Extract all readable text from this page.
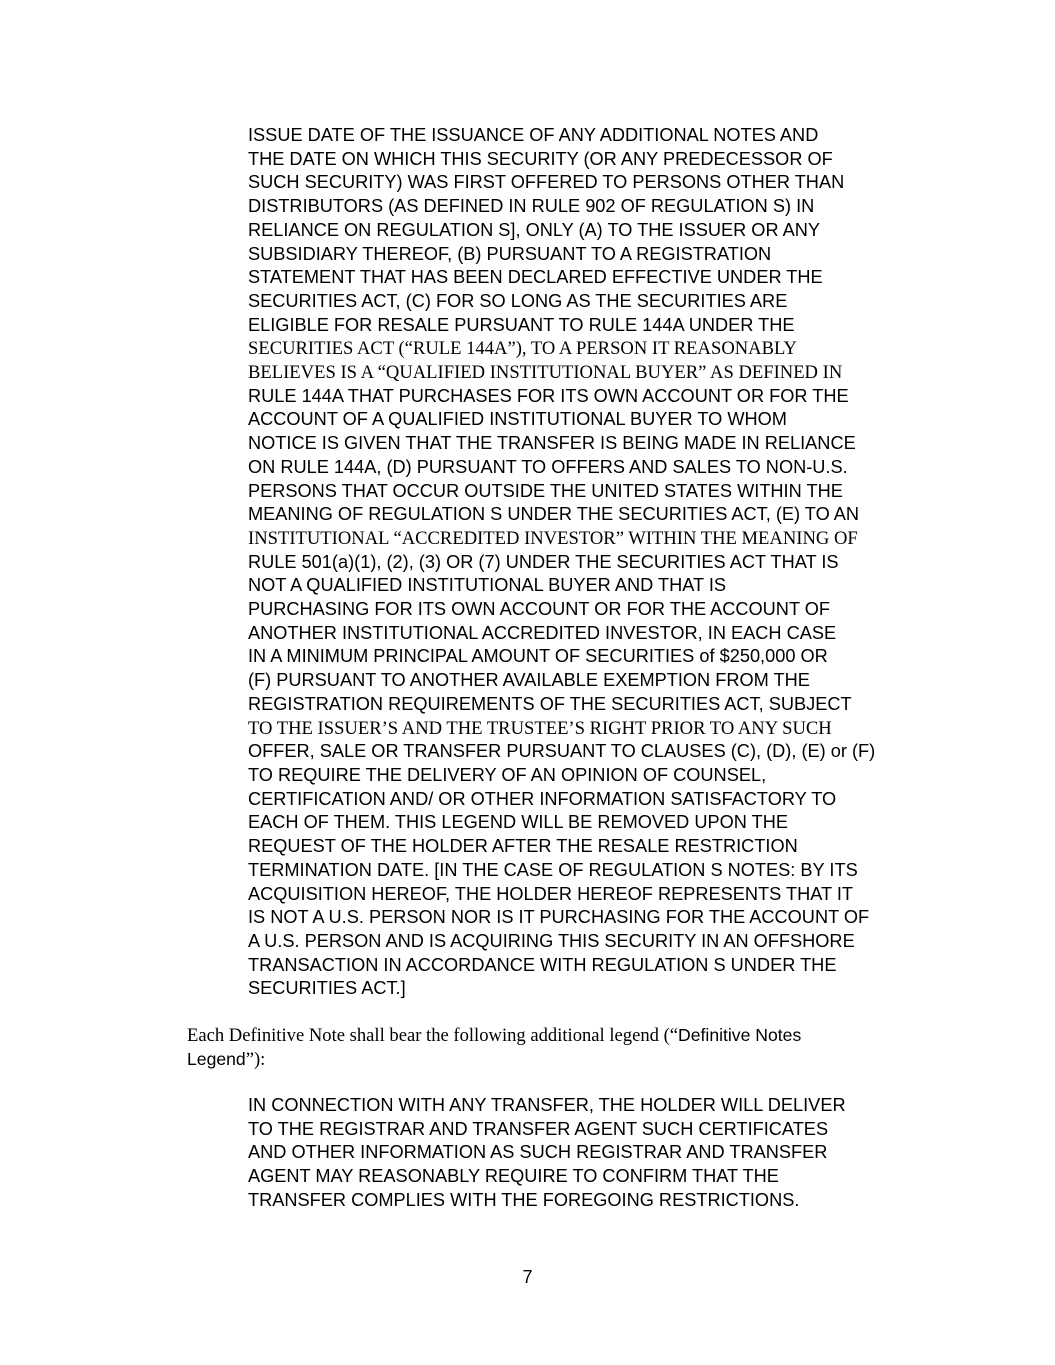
ISSUE DATE OF THE ISSUANCE OF ANY ADDITIONAL NOTES AND
THE DATE ON WHICH THIS SECURITY (OR ANY PREDECESSOR OF
SUCH SECURITY) WAS FIRST OFFERED TO PERSONS OTHER THAN
DISTRIBUTORS (AS DEFINED IN RULE 902 OF REGULATION S) IN
RELIANCE ON REGULATION S], ONLY (A) TO THE ISSUER OR ANY
SUBSIDIARY THEREOF, (B) PURSUANT TO A REGISTRATION
STATEMENT THAT HAS BEEN DECLARED EFFECTIVE UNDER THE
SECURITIES ACT, (C) FOR SO LONG AS THE SECURITIES ARE
ELIGIBLE FOR RESALE PURSUANT TO RULE 144A UNDER THE
SECURITIES ACT (“RULE 144A”), TO A PERSON IT REASONABLY
BELIEVES IS A “QUALIFIED INSTITUTIONAL BUYER” AS DEFINED IN
RULE 144A THAT PURCHASES FOR ITS OWN ACCOUNT OR FOR THE
ACCOUNT OF A QUALIFIED INSTITUTIONAL BUYER TO WHOM
NOTICE IS GIVEN THAT THE TRANSFER IS BEING MADE IN RELIANCE
ON RULE 144A, (D) PURSUANT TO OFFERS AND SALES TO NON-U.S.
PERSONS THAT OCCUR OUTSIDE THE UNITED STATES WITHIN THE
MEANING OF REGULATION S UNDER THE SECURITIES ACT, (E) TO AN
INSTITUTIONAL “ACCREDITED INVESTOR” WITHIN THE MEANING OF
RULE 501(a)(1), (2), (3) OR (7) UNDER THE SECURITIES ACT THAT IS
NOT A QUALIFIED INSTITUTIONAL BUYER AND THAT IS
PURCHASING FOR ITS OWN ACCOUNT OR FOR THE ACCOUNT OF
ANOTHER INSTITUTIONAL ACCREDITED INVESTOR, IN EACH CASE
IN A MINIMUM PRINCIPAL AMOUNT OF SECURITIES of $250,000 OR
(F) PURSUANT TO ANOTHER AVAILABLE EXEMPTION FROM THE
REGISTRATION REQUIREMENTS OF THE SECURITIES ACT, SUBJECT
TO THE ISSUER’S AND THE TRUSTEE’S RIGHT PRIOR TO ANY SUCH
OFFER, SALE OR TRANSFER PURSUANT TO CLAUSES (C), (D), (E) or (F)
TO REQUIRE THE DELIVERY OF AN OPINION OF COUNSEL,
CERTIFICATION AND/ OR OTHER INFORMATION SATISFACTORY TO
EACH OF THEM. THIS LEGEND WILL BE REMOVED UPON THE
REQUEST OF THE HOLDER AFTER THE RESALE RESTRICTION
TERMINATION DATE. [IN THE CASE OF REGULATION S NOTES: BY ITS
ACQUISITION HEREOF, THE HOLDER HEREOF REPRESENTS THAT IT
IS NOT A U.S. PERSON NOR IS IT PURCHASING FOR THE ACCOUNT OF
A U.S. PERSON AND IS ACQUIRING THIS SECURITY IN AN OFFSHORE
TRANSACTION IN ACCORDANCE WITH REGULATION S UNDER THE
SECURITIES ACT.]
Each Definitive Note shall bear the following additional legend (“Definitive Notes
Legend”):
IN CONNECTION WITH ANY TRANSFER, THE HOLDER WILL DELIVER
TO THE REGISTRAR AND TRANSFER AGENT SUCH CERTIFICATES
AND OTHER INFORMATION AS SUCH REGISTRAR AND TRANSFER
AGENT MAY REASONABLY REQUIRE TO CONFIRM THAT THE
TRANSFER COMPLIES WITH THE FOREGOING RESTRICTIONS.
7
